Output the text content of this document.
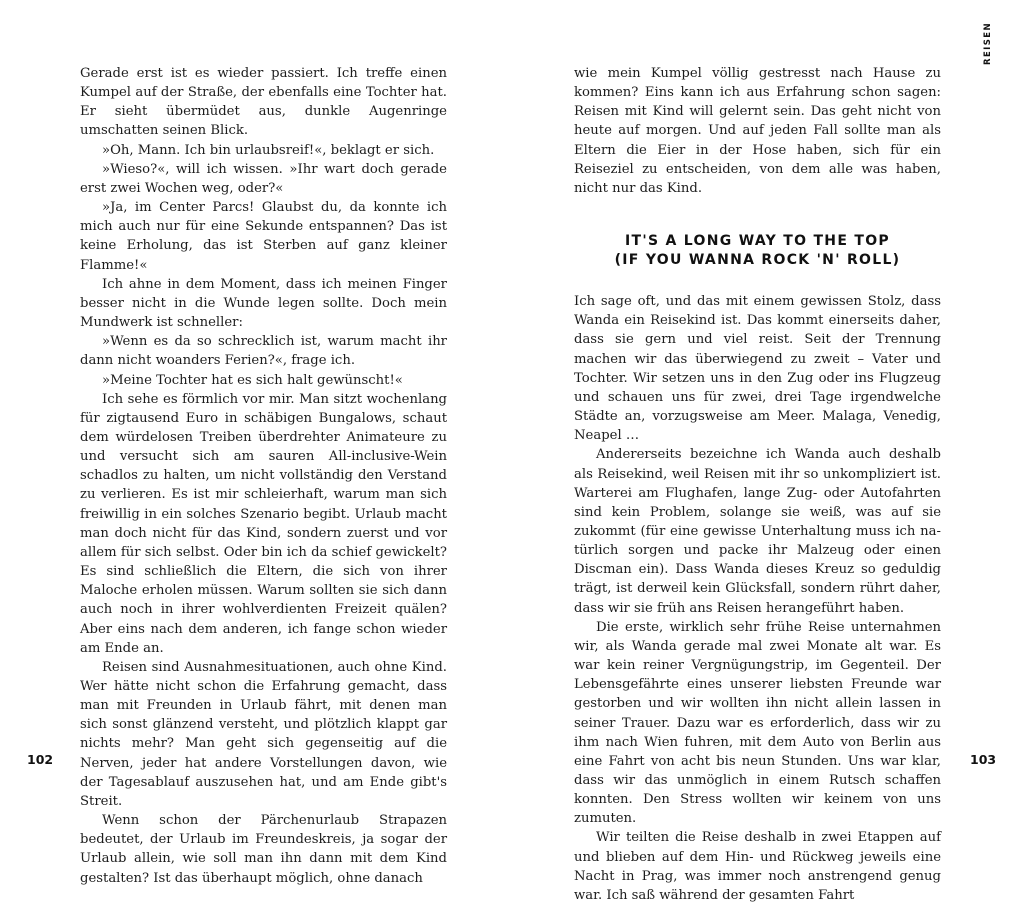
Gerade erst ist es wieder passiert. Ich treffe einen Kumpel auf der Straße, der ebenfalls eine Tochter hat. Er sieht übermüdet aus, dunkle Augenringe umschatten seinen Blick.

»Oh, Mann. Ich bin urlaubsreif!«, beklagt er sich.

»Wieso?«, will ich wissen. »Ihr wart doch gerade erst zwei Wochen weg, oder?«

»Ja, im Center Parcs! Glaubst du, da konnte ich mich auch nur für eine Sekunde entspannen? Das ist keine Erholung, das ist Sterben auf ganz kleiner Flamme!«

Ich ahne in dem Moment, dass ich meinen Finger besser nicht in die Wunde legen sollte. Doch mein Mundwerk ist schneller:

»Wenn es da so schrecklich ist, warum macht ihr dann nicht woanders Ferien?«, frage ich.

»Meine Tochter hat es sich halt gewünscht!«

Ich sehe es förmlich vor mir. Man sitzt wochenlang für zigtausend Euro in schäbigen Bungalows, schaut dem würdelosen Treiben überdrehter Animateure zu und versucht sich am sauren All-inclusive-Wein schadlos zu halten, um nicht vollständig den Verstand zu verlieren. Es ist mir schleierhaft, warum man sich freiwillig in ein solches Szenario begibt. Urlaub macht man doch nicht für das Kind, sondern zuerst und vor allem für sich selbst. Oder bin ich da schief gewickelt? Es sind schließlich die Eltern, die sich von ihrer Maloche erholen müssen. Warum sollten sie sich dann auch noch in ihrer wohlverdienten Freizeit quälen? Aber eins nach dem anderen, ich fange schon wieder am Ende an.

Reisen sind Ausnahmesituationen, auch ohne Kind. Wer hätte nicht schon die Erfahrung gemacht, dass man mit Freunden in Urlaub fährt, mit denen man sich sonst glänzend versteht, und plötzlich klappt gar nichts mehr? Man geht sich gegenseitig auf die Nerven, jeder hat andere Vorstellungen davon, wie der Tagesablauf auszusehen hat, und am Ende gibt's Streit.

Wenn schon der Pärchenurlaub Strapazen bedeutet, der Urlaub im Freundeskreis, ja sogar der Urlaub allein, wie soll man ihn dann mit dem Kind gestalten? Ist das überhaupt möglich, ohne danach

wie mein Kumpel völlig gestresst nach Hause zu kommen? Eins kann ich aus Erfahrung schon sagen: Reisen mit Kind will gelernt sein. Das geht nicht von heute auf morgen. Und auf jeden Fall sollte man als Eltern die Eier in der Hose haben, sich für ein Reiseziel zu entscheiden, von dem alle was haben, nicht nur das Kind.

IT'S A LONG WAY TO THE TOP
(IF YOU WANNA ROCK 'N' ROLL)

Ich sage oft, und das mit einem gewissen Stolz, dass Wanda ein Reisekind ist. Das kommt einerseits daher, dass sie gern und viel reist. Seit der Trennung machen wir das überwiegend zu zweit – Vater und Tochter. Wir setzen uns in den Zug oder ins Flugzeug und schauen uns für zwei, drei Tage irgendwelche Städte an, vorzugsweise am Meer. Malaga, Venedig, Neapel …

Andererseits bezeichne ich Wanda auch deshalb als Reisekind, weil Reisen mit ihr so unkompliziert ist. Warterei am Flughafen, lange Zug- oder Autofahrten sind kein Problem, solange sie weiß, was auf sie zukommt (für eine gewisse Unterhaltung muss ich natürlich sorgen und packe ihr Malzeug oder einen Discman ein). Dass Wanda dieses Kreuz so geduldig trägt, ist derweil kein Glücksfall, sondern rührt daher, dass wir sie früh ans Reisen herangeführt haben.

Die erste, wirklich sehr frühe Reise unternahmen wir, als Wanda gerade mal zwei Monate alt war. Es war kein reiner Vergnügungstrip, im Gegenteil. Der Lebensgefährte eines unserer liebsten Freunde war gestorben und wir wollten ihn nicht allein lassen in seiner Trauer. Dazu war es erforderlich, dass wir zu ihm nach Wien fuhren, mit dem Auto von Berlin aus eine Fahrt von acht bis neun Stunden. Uns war klar, dass wir das unmöglich in einem Rutsch schaffen konnten. Den Stress wollten wir keinem von uns zumuten.

Wir teilten die Reise deshalb in zwei Etappen auf und blieben auf dem Hin- und Rückweg jeweils eine Nacht in Prag, was immer noch anstrengend genug war. Ich saß während der gesamten Fahrt

REISEN
102	103
